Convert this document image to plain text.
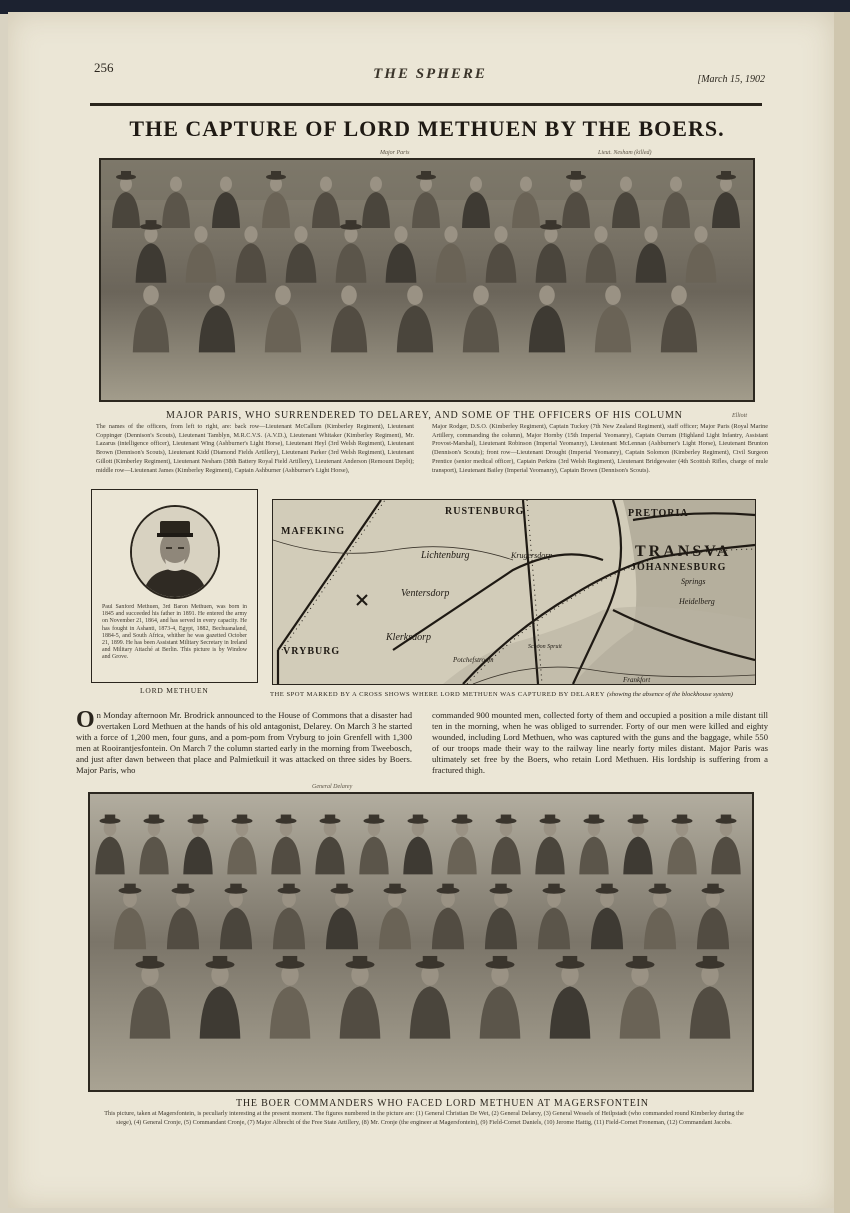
256	THE SPHERE	[March 15, 1902
THE CAPTURE OF LORD METHUEN BY THE BOERS.
Major Paris	Lieut. Nesham (killed)
MAJOR PARIS, WHO SURRENDERED TO DELAREY, AND SOME OF THE OFFICERS OF HIS COLUMN	Elliott
The names of the officers, from left to right, are: back row—Lieutenant McCallum (Kimberley Regiment), Lieutenant Coppinger (Dennison's Scouts), Lieutenant Tamblyn, M.R.C.V.S. (A.V.D.), Lieutenant Whitaker (Kimberley Regiment), Mr. Lazarus (intelligence officer), Lieutenant Wing (Ashburner's Light Horse), Lieutenant Heyl (3rd Welsh Regiment), Lieutenant Brown (Dennison's Scouts), Lieutenant Kidd (Diamond Fields Artillery), Lieutenant Parker (3rd Welsh Regiment), Lieutenant Gillott (Kimberley Regiment), Lieutenant Nesham (38th Battery Royal Field Artillery), Lieutenant Anderson (Remount Depôt); middle row—Lieutenant James (Kimberley Regiment), Captain Ashburner (Ashburner's Light Horse),
Major Rodger, D.S.O. (Kimberley Regiment), Captain Tuckey (7th New Zealand Regiment), staff officer; Major Paris (Royal Marine Artillery, commanding the column), Major Hornby (15th Imperial Yeomanry), Captain Ourram (Highland Light Infantry, Assistant Provost-Marshal), Lieutenant Robinson (Imperial Yeomanry), Lieutenant McLennan (Ashburner's Light Horse), Lieutenant Brunton (Dennison's Scouts); front row—Lieutenant Drought (Imperial Yeomanry), Captain Solomon (Kimberley Regiment), Civil Surgeon Prentice (senior medical officer), Captain Perkins (3rd Welsh Regiment), Lieutenant Bridgewater (4th Scottish Rifles, charge of mule transport), Lieutenant Bailey (Imperial Yeomanry), Captain Brown (Dennison's Scouts).
Paul Sanford Methuen, 3rd Baron Methuen, was born in 1845 and succeeded his father in 1891. He entered the army on November 21, 1864, and has served in every capacity. He has fought in Ashanti, 1873-4, Egypt, 1882, Bechuanaland, 1884-5, and South Africa, whither he was gazetted October 21, 1899. He has been Assistant Military Secretary in Ireland and Military Attaché at Berlin. This picture is by Window and Grove.
LORD METHUEN
MAFEKING
RUSTENBURG	PRETORIA
TRANSVA
JOHANNESBURG
Lichtenburg	Krugersdorp
Ventersdorp
Klerksdorp
VRYBURG
Springs
Heidelberg
Potchefstroom
Schoon Spruit
Frankfort
THE SPOT MARKED BY A CROSS SHOWS WHERE LORD METHUEN WAS CAPTURED BY DELAREY (showing the absence of the blockhouse system)
On Monday afternoon Mr. Brodrick announced to the House of Commons that a disaster had overtaken Lord Methuen at the hands of his old antagonist, Delarey. On March 3 he started with a force of 1,200 men, four guns, and a pom-pom from Vryburg to join Grenfell with 1,300 men at Rooirantjesfontein. On March 7 the column started early in the morning from Tweebosch, and just after dawn between that place and Palmietkuil it was attacked on three sides by Boers. Major Paris, who
commanded 900 mounted men, collected forty of them and occupied a position a mile distant till ten in the morning, when he was obliged to surrender. Forty of our men were killed and eighty wounded, including Lord Methuen, who was captured with the guns and the baggage, while 550 of our troops made their way to the railway line nearly forty miles distant. Major Paris was ultimately set free by the Boers, who retain Lord Methuen. His lordship is suffering from a fractured thigh.
General Delarey
THE BOER COMMANDERS WHO FACED LORD METHUEN AT MAGERSFONTEIN
This picture, taken at Magersfontein, is peculiarly interesting at the present moment. The figures numbered in the picture are: (1) General Christian De Wet, (2) General Delarey, (3) General Wessels of Heilpstadt (who commanded round Kimberley during the siege), (4) General Cronje, (5) Commandant Cronje, (7) Major Albrecht of the Free State Artillery, (8) Mr. Cronje (the engineer at Magersfontein), (9) Field-Cornet Daniels, (10) Jerome Hattig, (11) Field-Cornet Froneman, (12) Commandant Jacobs.
